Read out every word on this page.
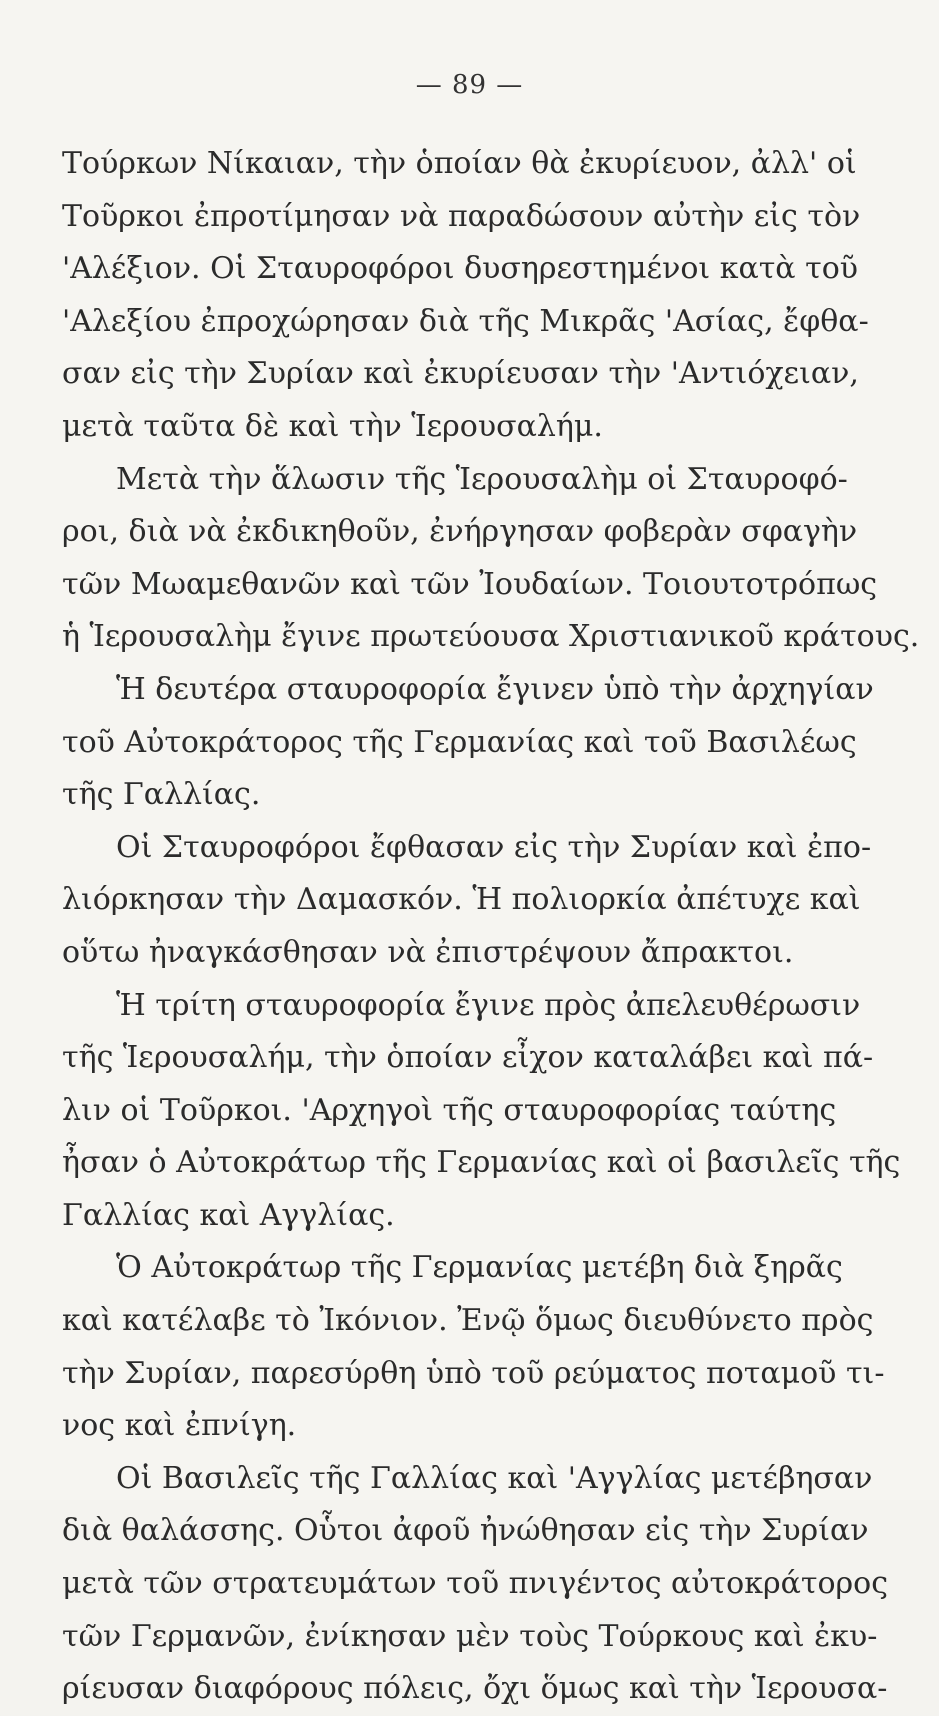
— 89 —
Τούρκων Νίκαιαν, τὴν ὁποίαν θὰ ἐκυρίευον, ἀλλ' οἱ
Τοῦρκοι ἐπροτίμησαν νὰ παραδώσουν αὐτὴν εἰς τὸν
'Αλέξιον. Οἱ Σταυροφόροι δυσηρεστημένοι κατὰ τοῦ
'Αλεξίου ἐπροχώρησαν διὰ τῆς Μικρᾶς 'Ασίας, ἔφθα-
σαν εἰς τὴν Συρίαν καὶ ἐκυρίευσαν τὴν 'Αντιόχειαν,
μετὰ ταῦτα δὲ καὶ τὴν Ἱερουσαλήμ.
Μετὰ τὴν ἅλωσιν τῆς Ἱερουσαλὴμ οἱ Σταυροφό-
ροι, διὰ νὰ ἐκδικηθοῦν, ἐνήργησαν φοβερὰν σφαγὴν
τῶν Μωαμεθανῶν καὶ τῶν Ἰουδαίων. Τοιουτοτρόπως
ἡ Ἱερουσαλὴμ ἔγινε πρωτεύουσα Χριστιανικοῦ κράτους.
Ἡ δευτέρα σταυροφορία ἔγινεν ὑπὸ τὴν ἀρχηγίαν
τοῦ Αὐτοκράτορος τῆς Γερμανίας καὶ τοῦ Βασιλέως
τῆς Γαλλίας.
Οἱ Σταυροφόροι ἔφθασαν εἰς τὴν Συρίαν καὶ ἐπο-
λιόρκησαν τὴν Δαμασκόν. Ἡ πολιορκία ἀπέτυχε καὶ
οὕτω ἠναγκάσθησαν νὰ ἐπιστρέψουν ἄπρακτοι.
Ἡ τρίτη σταυροφορία ἔγινε πρὸς ἀπελευθέρωσιν
τῆς Ἱερουσαλήμ, τὴν ὁποίαν εἶχον καταλάβει καὶ πά-
λιν οἱ Τοῦρκοι. 'Αρχηγοὶ τῆς σταυροφορίας ταύτης
ἦσαν ὁ Αὐτοκράτωρ τῆς Γερμανίας καὶ οἱ βασιλεῖς τῆς
Γαλλίας καὶ Αγγλίας.
Ὁ Αὐτοκράτωρ τῆς Γερμανίας μετέβη διὰ ξηρᾶς
καὶ κατέλαβε τὸ Ἰκόνιον. Ἐνῷ ὅμως διευθύνετο πρὸς
τὴν Συρίαν, παρεσύρθη ὑπὸ τοῦ ρεύματος ποταμοῦ τι-
νος καὶ ἐπνίγη.
Οἱ Βασιλεῖς τῆς Γαλλίας καὶ 'Αγγλίας μετέβησαν
διὰ θαλάσσης. Οὗτοι ἀφοῦ ἠνώθησαν εἰς τὴν Συρίαν
μετὰ τῶν στρατευμάτων τοῦ πνιγέντος αὐτοκράτορος
τῶν Γερμανῶν, ἐνίκησαν μὲν τοὺς Τούρκους καὶ ἐκυ-
ρίευσαν διαφόρους πόλεις, ὄχι ὅμως καὶ τὴν Ἱερουσα-
